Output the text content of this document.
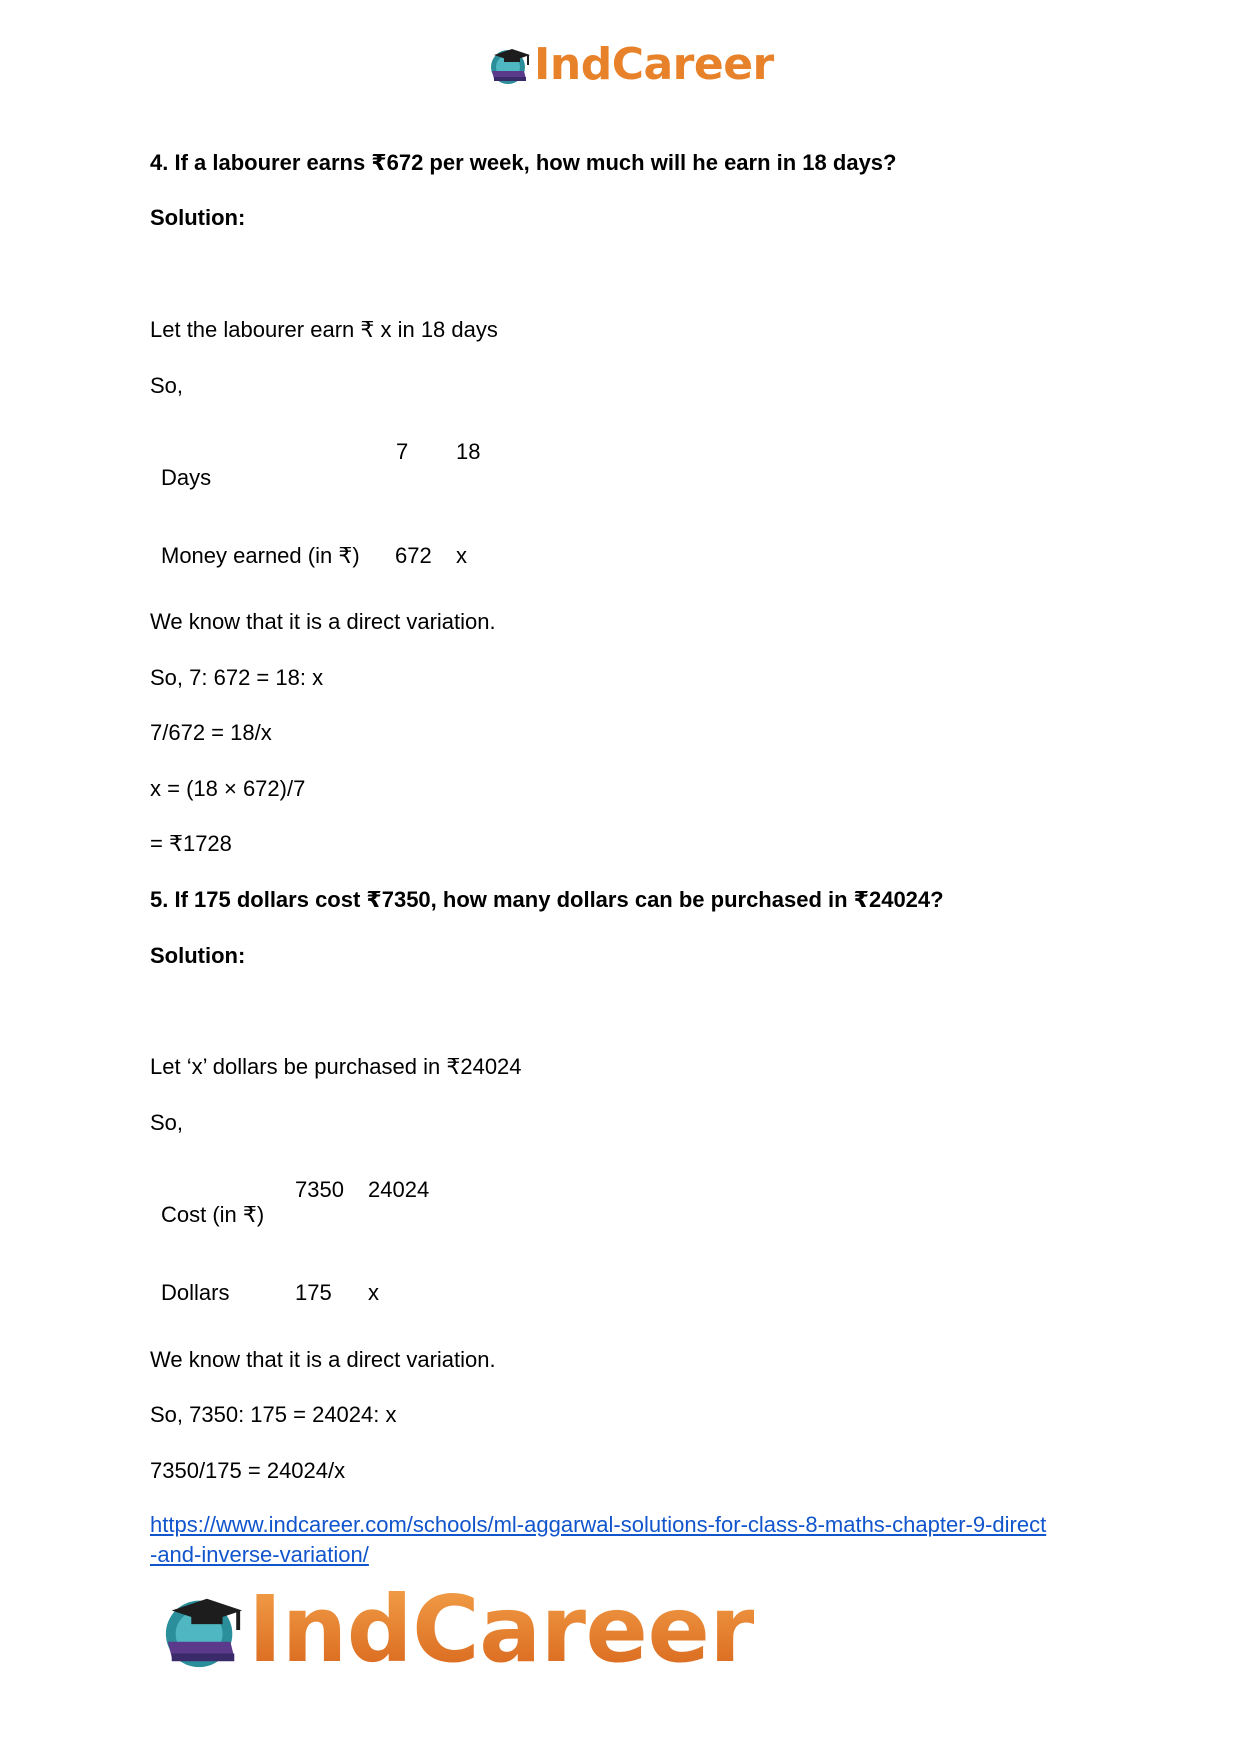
IndCareer
4. If a labourer earns ₹672 per week, how much will he earn in 18 days?
Solution:
Let the labourer earn ₹ x in 18 days
So,
Days
7 18
Money earned (in ₹) 672 x
We know that it is a direct variation.
So, 7: 672 = 18: x
7/672 = 18/x
x = (18 × 672)/7
= ₹1728
5. If 175 dollars cost ₹7350, how many dollars can be purchased in ₹24024?
Solution:
Let ‘x’ dollars be purchased in ₹24024
So,
Cost (in ₹)
7350 24024
Dollars	175 x
We know that it is a direct variation.
So, 7350: 175 = 24024: x
7350/175 = 24024/x
https://www.indcareer.com/schools/ml-aggarwal-solutions-for-class-8-maths-chapter-9-direct
-and-inverse-variation/
IndCareer
